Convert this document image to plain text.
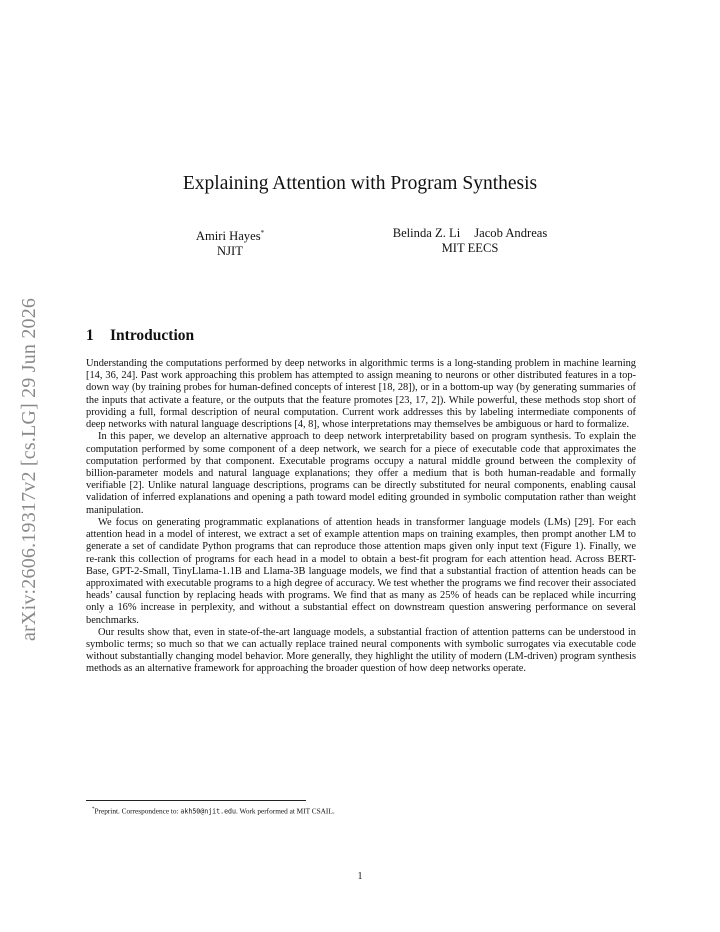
arXiv:2606.19317v2 [cs.LG] 29 Jun 2026
Explaining Attention with Program Synthesis
Amiri Hayes*
NJIT
Belinda Z. Li Jacob Andreas
MIT EECS
1 Introduction

Understanding the computations performed by deep networks in algorithmic terms is a long-standing problem in machine learning [14, 36, 24]. Past work approaching this problem has attempted to assign meaning to neurons or other distributed features in a top-down way (by training probes for human-defined concepts of interest [18, 28]), or in a bottom-up way (by generating summaries of the inputs that activate a feature, or the outputs that the feature promotes [23, 17, 2]). While powerful, these methods stop short of providing a full, formal description of neural computation. Current work addresses this by labeling intermediate components of deep networks with natural language descriptions [4, 8], whose interpretations may themselves be ambiguous or hard to formalize.

In this paper, we develop an alternative approach to deep network interpretability based on program synthesis. To explain the computation performed by some component of a deep network, we search for a piece of executable code that approximates the computation performed by that component. Executable programs occupy a natural middle ground between the complexity of billion-parameter models and natural language explanations; they offer a medium that is both human-readable and formally verifiable [2]. Unlike natural language descriptions, programs can be directly substituted for neural components, enabling causal validation of inferred explanations and opening a path toward model editing grounded in symbolic computation rather than weight manipulation.

We focus on generating programmatic explanations of attention heads in transformer language models (LMs) [29]. For each attention head in a model of interest, we extract a set of example attention maps on training examples, then prompt another LM to generate a set of candidate Python programs that can reproduce those attention maps given only input text (Figure 1). Finally, we re-rank this collection of programs for each head in a model to obtain a best-fit program for each attention head. Across BERT-Base, GPT-2-Small, TinyLlama-1.1B and Llama-3B language models, we find that a substantial fraction of attention heads can be approximated with executable programs to a high degree of accuracy. We test whether the programs we find recover their associated heads’ causal function by replacing heads with programs. We find that as many as 25% of heads can be replaced while incurring only a 16% increase in perplexity, and without a substantial effect on downstream question answering performance on several benchmarks.

Our results show that, even in state-of-the-art language models, a substantial fraction of attention patterns can be understood in symbolic terms; so much so that we can actually replace trained neural components with symbolic surrogates via executable code without substantially changing model behavior. More generally, they highlight the utility of modern (LM-driven) program synthesis methods as an alternative framework for approaching the broader question of how deep networks operate.

*Preprint. Correspondence to: akh50@njit.edu. Work performed at MIT CSAIL.
1
